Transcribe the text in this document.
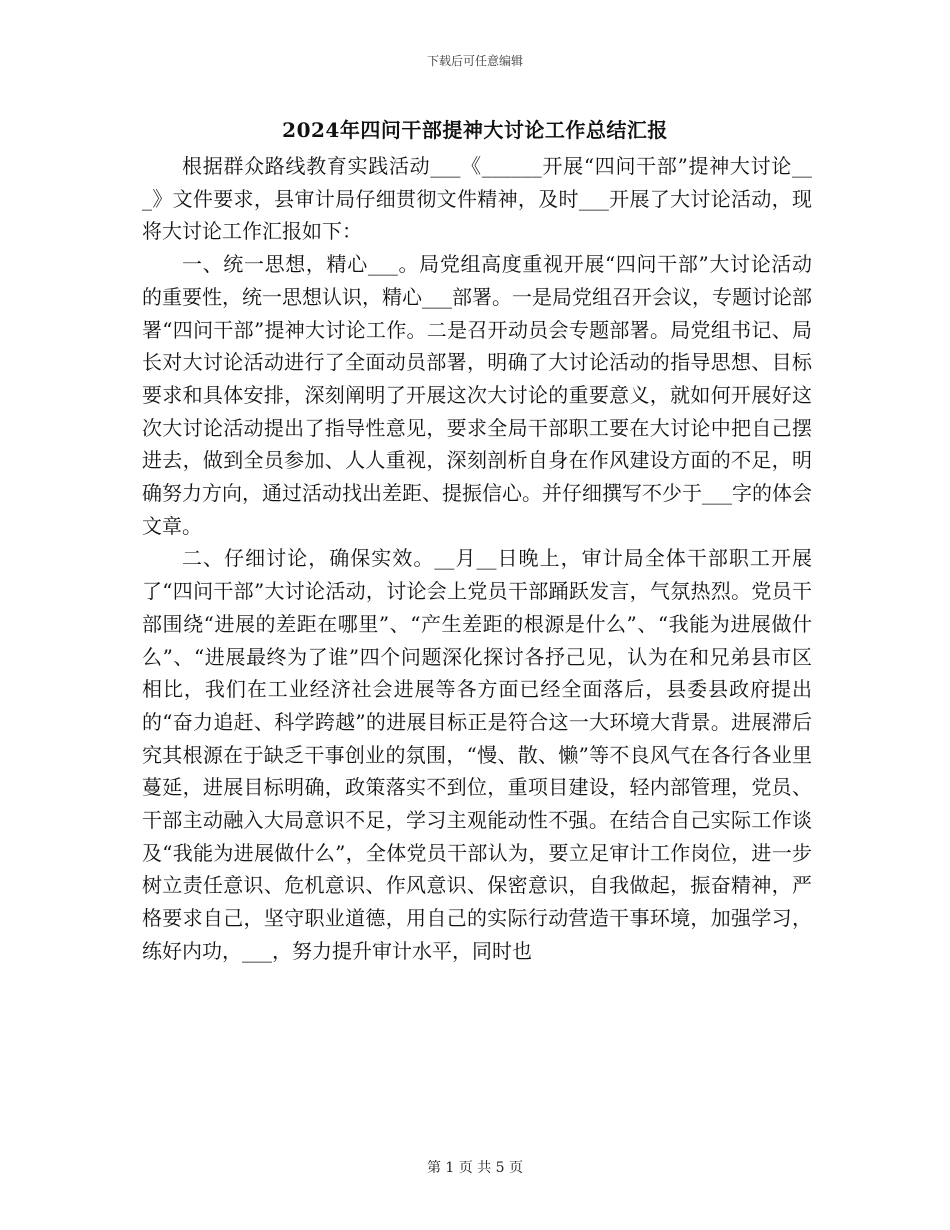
下载后可任意编辑
2024年四问干部提神大讨论工作总结汇报

根据群众路线教育实践活动___《______开展“四问干部”提神大讨论___》文件要求，县审计局仔细贯彻文件精神，及时___开展了大讨论活动，现将大讨论工作汇报如下：

一、统一思想，精心___。局党组高度重视开展“四问干部”大讨论活动的重要性，统一思想认识，精心___部署。一是局党组召开会议，专题讨论部署“四问干部”提神大讨论工作。二是召开动员会专题部署。局党组书记、局长对大讨论活动进行了全面动员部署，明确了大讨论活动的指导思想、目标要求和具体安排，深刻阐明了开展这次大讨论的重要意义，就如何开展好这次大讨论活动提出了指导性意见，要求全局干部职工要在大讨论中把自己摆进去，做到全员参加、人人重视，深刻剖析自身在作风建设方面的不足，明确努力方向，通过活动找出差距、提振信心。并仔细撰写不少于___字的体会文章。

二、仔细讨论，确保实效。__月__日晚上，审计局全体干部职工开展了“四问干部”大讨论活动，讨论会上党员干部踊跃发言，气氛热烈。党员干部围绕“进展的差距在哪里”、“产生差距的根源是什么”、“我能为进展做什么”、“进展最终为了谁”四个问题深化探讨各抒己见，认为在和兄弟县市区相比，我们在工业经济社会进展等各方面已经全面落后，县委县政府提出的“奋力追赶、科学跨越”的进展目标正是符合这一大环境大背景。进展滞后究其根源在于缺乏干事创业的氛围，“慢、散、懒”等不良风气在各行各业里蔓延，进展目标明确，政策落实不到位，重项目建设，轻内部管理，党员、干部主动融入大局意识不足，学习主观能动性不强。在结合自己实际工作谈及“我能为进展做什么”，全体党员干部认为，要立足审计工作岗位，进一步树立责任意识、危机意识、作风意识、保密意识，自我做起，振奋精神，严格要求自己，坚守职业道德，用自己的实际行动营造干事环境，加强学习，练好内功，___，努力提升审计水平，同时也

第 1 页 共 5 页
